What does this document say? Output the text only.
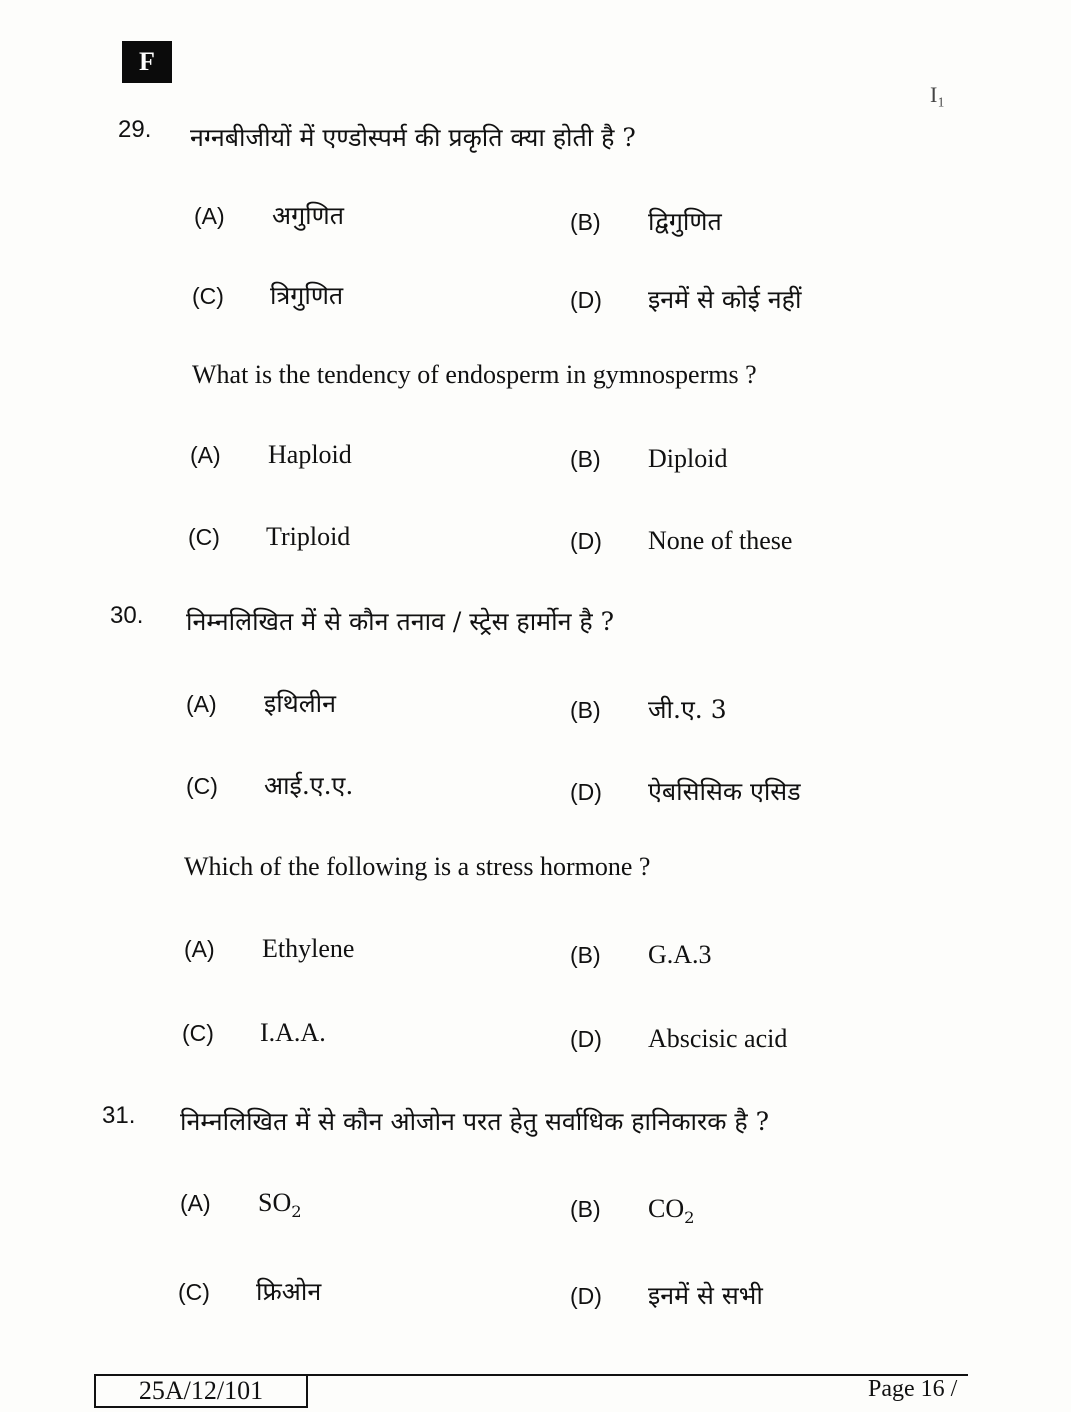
F
I₁
29. नग्नबीजीयों में एण्डोस्पर्म की प्रकृति क्या होती है ?
(A) अगुणित	(B) द्विगुणित
(C) त्रिगुणित	(D) इनमें से कोई नहीं
What is the tendency of endosperm in gymnosperms ?
(A) Haploid	(B) Diploid
(C) Triploid	(D) None of these
30. निम्नलिखित में से कौन तनाव / स्ट्रेस हार्मोन है ?
(A) इथिलीन	(B) जी.ए. 3
(C) आई.ए.ए.	(D) ऐबसिसिक एसिड
Which of the following is a stress hormone ?
(A) Ethylene	(B) G.A.3
(C) I.A.A.	(D) Abscisic acid
31. निम्नलिखित में से कौन ओजोन परत हेतु सर्वाधिक हानिकारक है ?
(A) $SO_2$	(B) $CO_2$
(C) फ्रिओन	(D) इनमें से सभी
25A/12/101	Page 16 /
